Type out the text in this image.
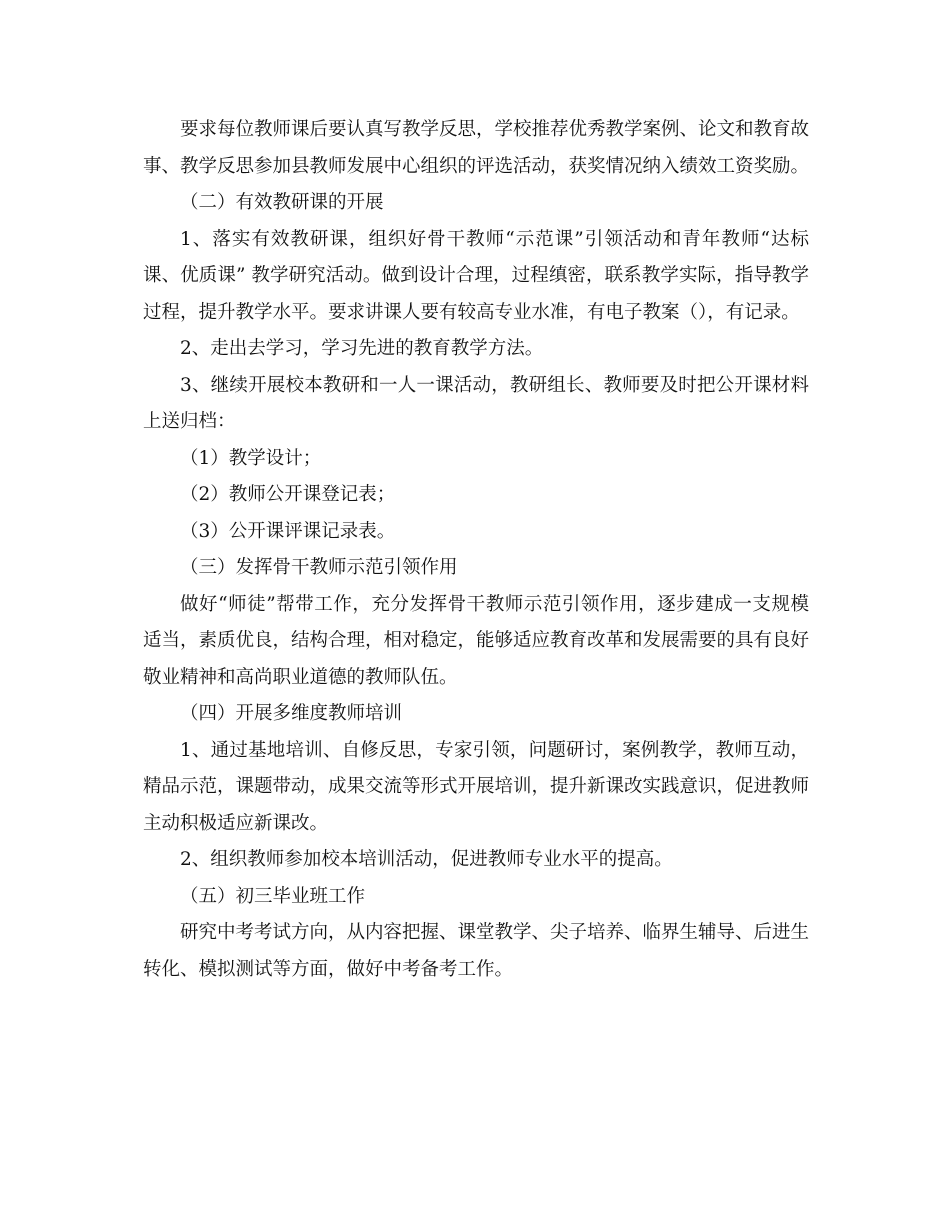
要求每位教师课后要认真写教学反思，学校推荐优秀教学案例、论文和教育故事、教学反思参加县教师发展中心组织的评选活动，获奖情况纳入绩效工资奖励。

（二）有效教研课的开展

1、落实有效教研课，组织好骨干教师“示范课”引领活动和青年教师“达标课、优质课” 教学研究活动。做到设计合理，过程缜密，联系教学实际，指导教学过程，提升教学水平。要求讲课人要有较高专业水准，有电子教案（），有记录。

2、走出去学习，学习先进的教育教学方法。

3、继续开展校本教研和一人一课活动，教研组长、教师要及时把公开课材料上送归档：

（1）教学设计；

（2）教师公开课登记表；

（3）公开课评课记录表。

（三）发挥骨干教师示范引领作用

做好“师徒”帮带工作，充分发挥骨干教师示范引领作用，逐步建成一支规模适当，素质优良，结构合理，相对稳定，能够适应教育改革和发展需要的具有良好敬业精神和高尚职业道德的教师队伍。

（四）开展多维度教师培训

1、通过基地培训、自修反思，专家引领，问题研讨，案例教学，教师互动，精品示范，课题带动，成果交流等形式开展培训，提升新课改实践意识，促进教师主动积极适应新课改。

2、组织教师参加校本培训活动，促进教师专业水平的提高。

（五）初三毕业班工作

研究中考考试方向，从内容把握、课堂教学、尖子培养、临界生辅导、后进生转化、模拟测试等方面，做好中考备考工作。
